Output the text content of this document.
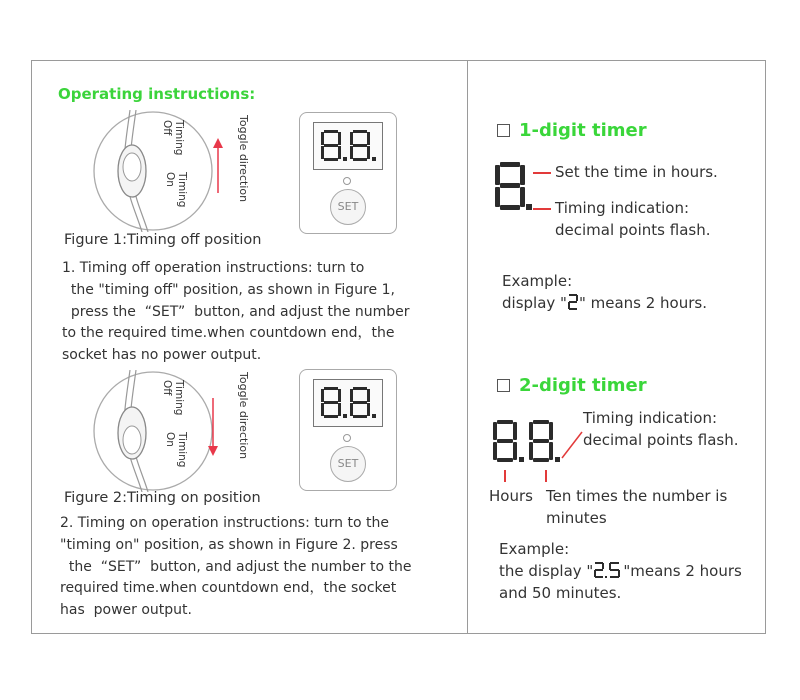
Operating instructions:
Timing
Off
Timing
On	Toggle direction
SET
Figure 1:Timing off position
1. Timing off operation instructions: turn to
the "timing off" position, as shown in Figure 1,
press the  “SET”  button, and adjust the number
to the required time.when countdown end，the
socket has no power output.
Timing
Off
Timing
On	Toggle direction
SET
Figure 2:Timing on position
2. Timing on operation instructions: turn to the
"timing on" position, as shown in Figure 2. press
the  “SET”  button, and adjust the number to the
required time.when countdown end，the socket
has  power output.
1-digit timer
Set the time in hours.
Timing indication:
decimal points flash.
Example:
display " " means 2 hours.
2-digit timer
Timing indication:
decimal points flash.
Hours Ten times the number is
minutes
Example:
the display " "means 2 hours
and 50 minutes.
